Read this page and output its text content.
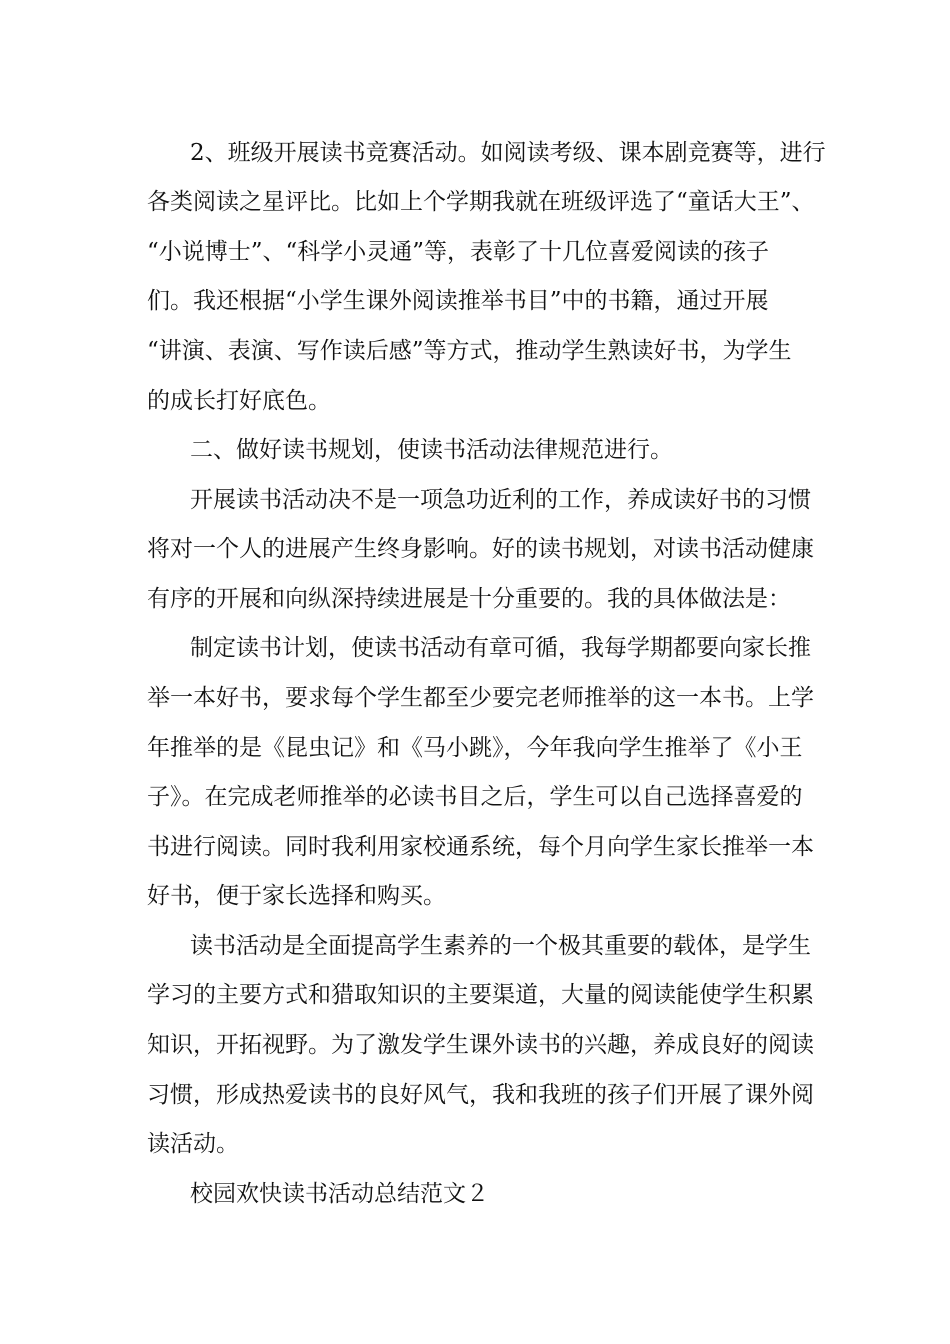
2、班级开展读书竞赛活动。如阅读考级、课本剧竞赛等，进行
各类阅读之星评比。比如上个学期我就在班级评选了“童话大王”、
“小说博士”、“科学小灵通”等，表彰了十几位喜爱阅读的孩子
们。我还根据“小学生课外阅读推举书目”中的书籍，通过开展
“讲演、表演、写作读后感”等方式，推动学生熟读好书，为学生
的成长打好底色。
二、做好读书规划，使读书活动法律规范进行。
开展读书活动决不是一项急功近利的工作，养成读好书的习惯
将对一个人的进展产生终身影响。好的读书规划，对读书活动健康
有序的开展和向纵深持续进展是十分重要的。我的具体做法是：
制定读书计划，使读书活动有章可循，我每学期都要向家长推
举一本好书，要求每个学生都至少要完老师推举的这一本书。上学
年推举的是《昆虫记》和《马小跳》，今年我向学生推举了《小王
子》。在完成老师推举的必读书目之后，学生可以自己选择喜爱的
书进行阅读。同时我利用家校通系统，每个月向学生家长推举一本
好书，便于家长选择和购买。
读书活动是全面提高学生素养的一个极其重要的载体，是学生
学习的主要方式和猎取知识的主要渠道，大量的阅读能使学生积累
知识，开拓视野。为了激发学生课外读书的兴趣，养成良好的阅读
习惯，形成热爱读书的良好风气，我和我班的孩子们开展了课外阅
读活动。
校园欢快读书活动总结范文２
